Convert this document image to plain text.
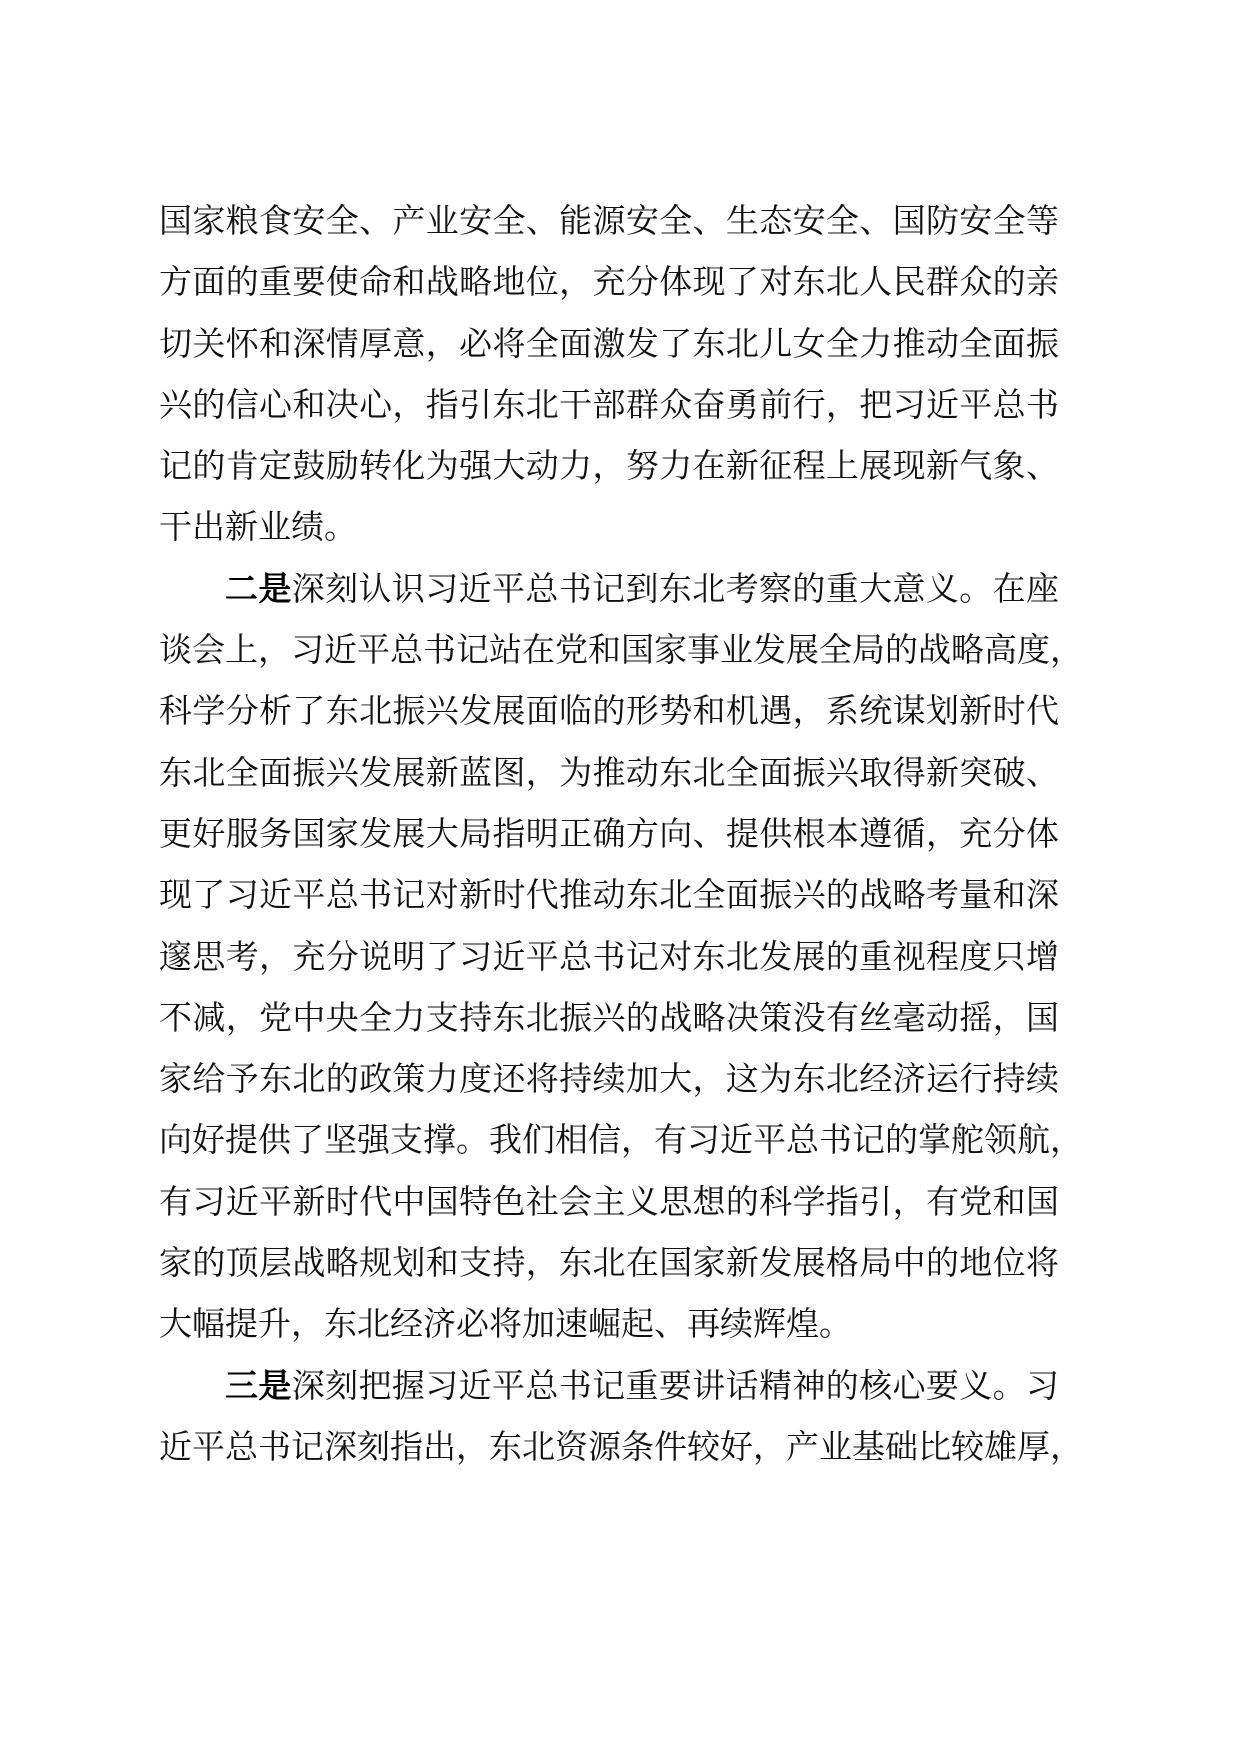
国家粮食安全、产业安全、能源安全、生态安全、国防安全等
方面的重要使命和战略地位，充分体现了对东北人民群众的亲
切关怀和深情厚意，必将全面激发了东北儿女全力推动全面振
兴的信心和决心，指引东北干部群众奋勇前行，把习近平总书
记的肯定鼓励转化为强大动力，努力在新征程上展现新气象、
干出新业绩。
二是深刻认识习近平总书记到东北考察的重大意义。在座
谈会上，习近平总书记站在党和国家事业发展全局的战略高度，
科学分析了东北振兴发展面临的形势和机遇，系统谋划新时代
东北全面振兴发展新蓝图，为推动东北全面振兴取得新突破、
更好服务国家发展大局指明正确方向、提供根本遵循，充分体
现了习近平总书记对新时代推动东北全面振兴的战略考量和深
邃思考，充分说明了习近平总书记对东北发展的重视程度只增
不减，党中央全力支持东北振兴的战略决策没有丝毫动摇，国
家给予东北的政策力度还将持续加大，这为东北经济运行持续
向好提供了坚强支撑。我们相信，有习近平总书记的掌舵领航，
有习近平新时代中国特色社会主义思想的科学指引，有党和国
家的顶层战略规划和支持，东北在国家新发展格局中的地位将
大幅提升，东北经济必将加速崛起、再续辉煌。
三是深刻把握习近平总书记重要讲话精神的核心要义。习
近平总书记深刻指出，东北资源条件较好，产业基础比较雄厚，
